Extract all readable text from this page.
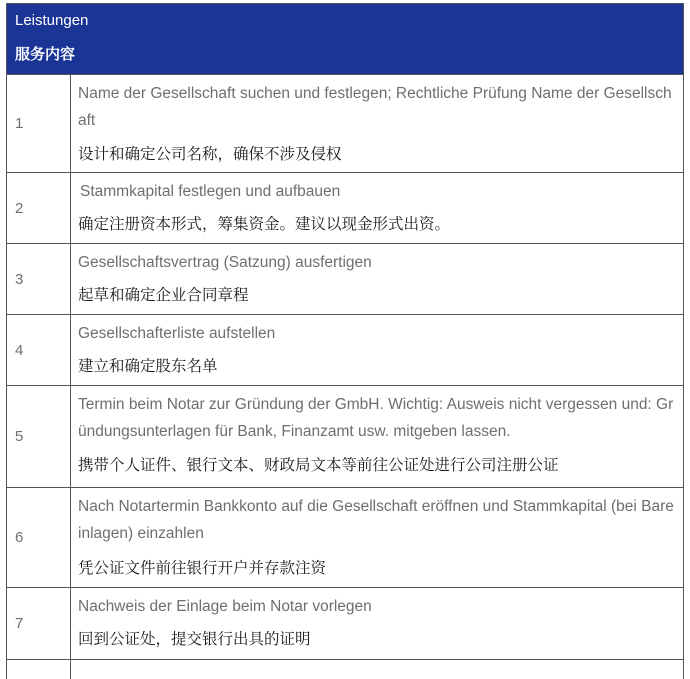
Leistungen
服务内容
1
Name der Gesellschaft suchen und festlegen; Rechtliche Prüfung Name der Gesellschaft
设计和确定公司名称，确保不涉及侵权
2
Stammkapital festlegen und aufbauen
确定注册资本形式，筹集资金。建议以现金形式出资。
3
Gesellschaftsvertrag (Satzung) ausfertigen
起草和确定企业合同章程
4
Gesellschafterliste aufstellen
建立和确定股东名单
5
Termin beim Notar zur Gründung der GmbH. Wichtig: Ausweis nicht vergessen und: Gründungsunterlagen für Bank, Finanzamt usw. mitgeben lassen.
携带个人证件、银行文本、财政局文本等前往公证处进行公司注册公证
6
Nach Notartermin Bankkonto auf die Gesellschaft eröffnen und Stammkapital (bei Bareinlagen) einzahlen
凭公证文件前往银行开户并存款注资
7
Nachweis der Einlage beim Notar vorlegen
回到公证处，提交银行出具的证明
